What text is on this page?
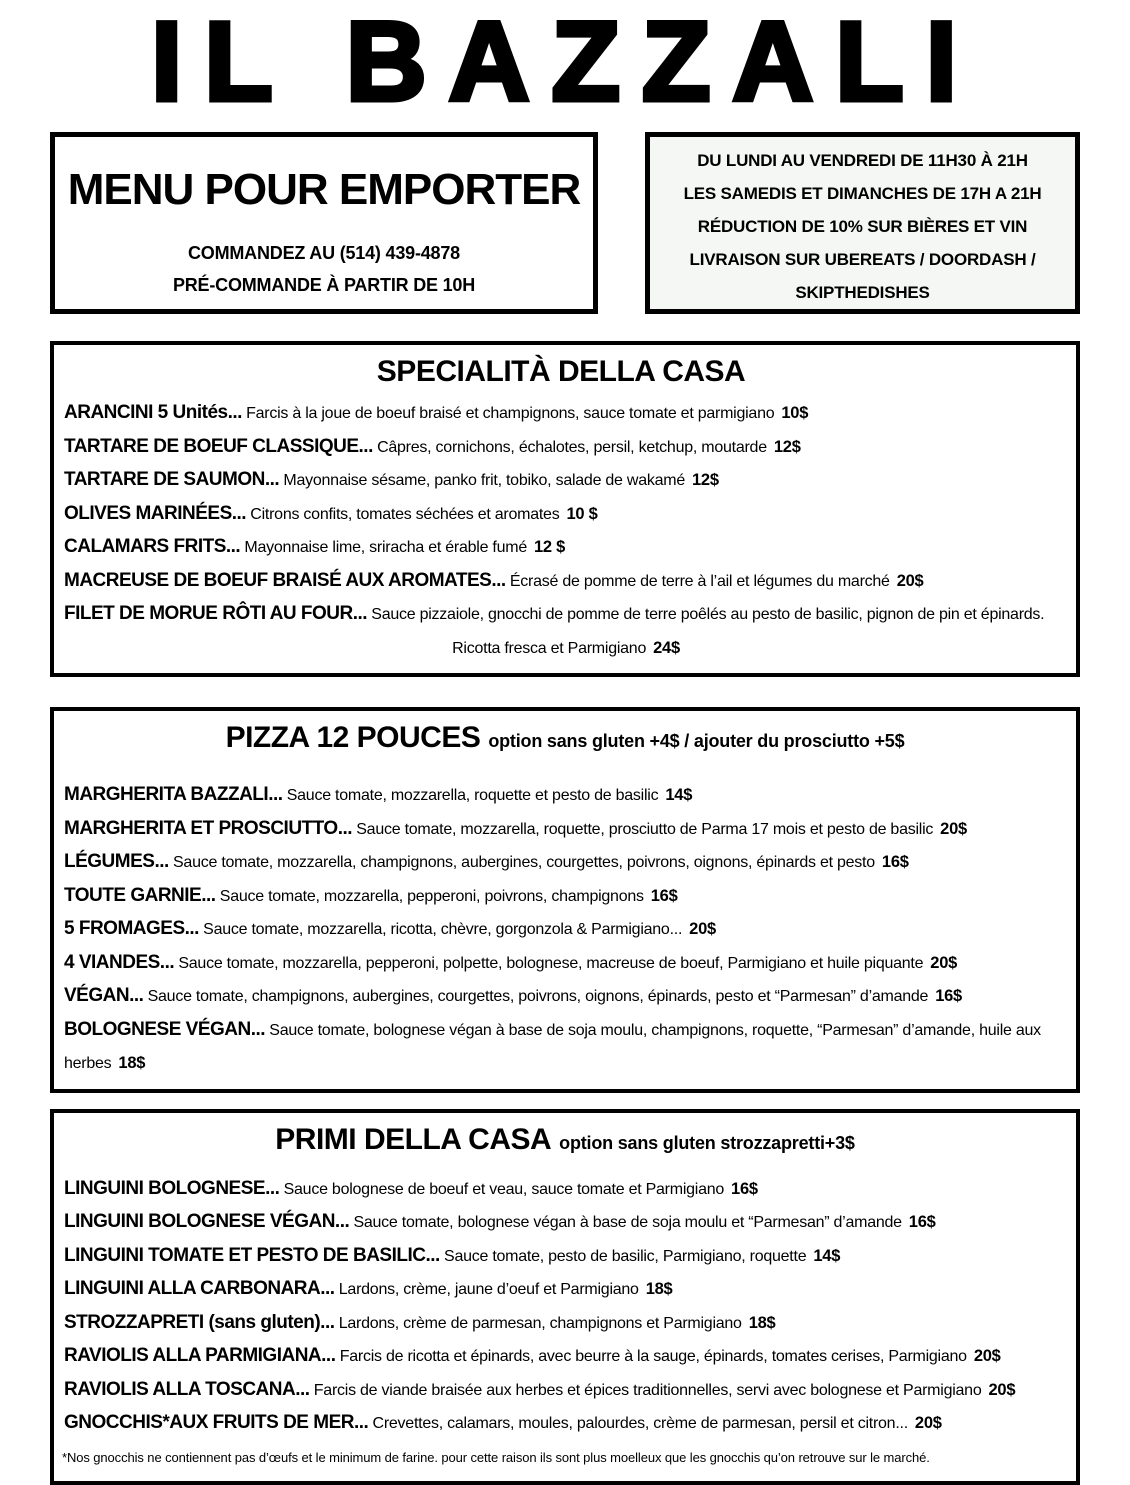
IL BAZZALI
MENU POUR EMPORTER
COMMANDEZ AU (514) 439-4878
PRÉ-COMMANDE À PARTIR DE 10H
DU LUNDI AU VENDREDI DE 11H30 À 21H
LES SAMEDIS ET DIMANCHES DE 17H A 21H
RÉDUCTION DE 10% SUR BIÈRES ET VIN
LIVRAISON SUR UBEREATS / DOORDASH /
SKIPTHEDISHES
SPECIALITÀ DELLA CASA
ARANCINI 5 Unités... Farcis à la joue de boeuf braisé et champignons, sauce tomate et parmigiano 10$
TARTARE DE BOEUF CLASSIQUE... Câpres, cornichons, échalotes, persil, ketchup, moutarde 12$
TARTARE DE SAUMON... Mayonnaise sésame, panko frit, tobiko, salade de wakamé 12$
OLIVES MARINÉES... Citrons confits, tomates séchées et aromates 10 $
CALAMARS FRITS... Mayonnaise lime, sriracha et érable fumé 12 $
MACREUSE DE BOEUF BRAISÉ AUX AROMATES... Écrasé de pomme de terre à l’ail et légumes du marché 20$
FILET DE MORUE RÔTI AU FOUR... Sauce pizzaiole, gnocchi de pomme de terre poêlés au pesto de basilic, pignon de pin et épinards.
Ricotta fresca et Parmigiano 24$
PIZZA 12 POUCES option sans gluten +4$ / ajouter du prosciutto +5$
MARGHERITA BAZZALI... Sauce tomate, mozzarella, roquette et pesto de basilic 14$
MARGHERITA ET PROSCIUTTO... Sauce tomate, mozzarella, roquette, prosciutto de Parma 17 mois et pesto de basilic 20$
LÉGUMES... Sauce tomate, mozzarella, champignons, aubergines, courgettes, poivrons, oignons, épinards et pesto 16$
TOUTE GARNIE... Sauce tomate, mozzarella, pepperoni, poivrons, champignons 16$
5 FROMAGES... Sauce tomate, mozzarella, ricotta, chèvre, gorgonzola & Parmigiano... 20$
4 VIANDES... Sauce tomate, mozzarella, pepperoni, polpette, bolognese, macreuse de boeuf, Parmigiano et huile piquante 20$
VÉGAN... Sauce tomate, champignons, aubergines, courgettes, poivrons, oignons, épinards, pesto et “Parmesan” d’amande 16$
BOLOGNESE VÉGAN... Sauce tomate, bolognese végan à base de soja moulu, champignons, roquette, “Parmesan” d’amande, huile aux herbes 18$
PRIMI DELLA CASA option sans gluten strozzapretti+3$
LINGUINI BOLOGNESE... Sauce bolognese de boeuf et veau, sauce tomate et Parmigiano 16$
LINGUINI BOLOGNESE VÉGAN... Sauce tomate, bolognese végan à base de soja moulu et “Parmesan” d’amande 16$
LINGUINI TOMATE ET PESTO DE BASILIC... Sauce tomate, pesto de basilic, Parmigiano, roquette 14$
LINGUINI ALLA CARBONARA... Lardons, crème, jaune d’oeuf et Parmigiano 18$
STROZZAPRETI (sans gluten)... Lardons, crème de parmesan, champignons et Parmigiano 18$
RAVIOLIS ALLA PARMIGIANA... Farcis de ricotta et épinards, avec beurre à la sauge, épinards, tomates cerises, Parmigiano 20$
RAVIOLIS ALLA TOSCANA... Farcis de viande braisée aux herbes et épices traditionnelles, servi avec bolognese et Parmigiano 20$
GNOCCHIS*AUX FRUITS DE MER... Crevettes, calamars, moules, palourdes, crème de parmesan, persil et citron... 20$
*Nos gnocchis ne contiennent pas d’œufs et le minimum de farine. pour cette raison ils sont plus moelleux que les gnocchis qu’on retrouve sur le marché.
